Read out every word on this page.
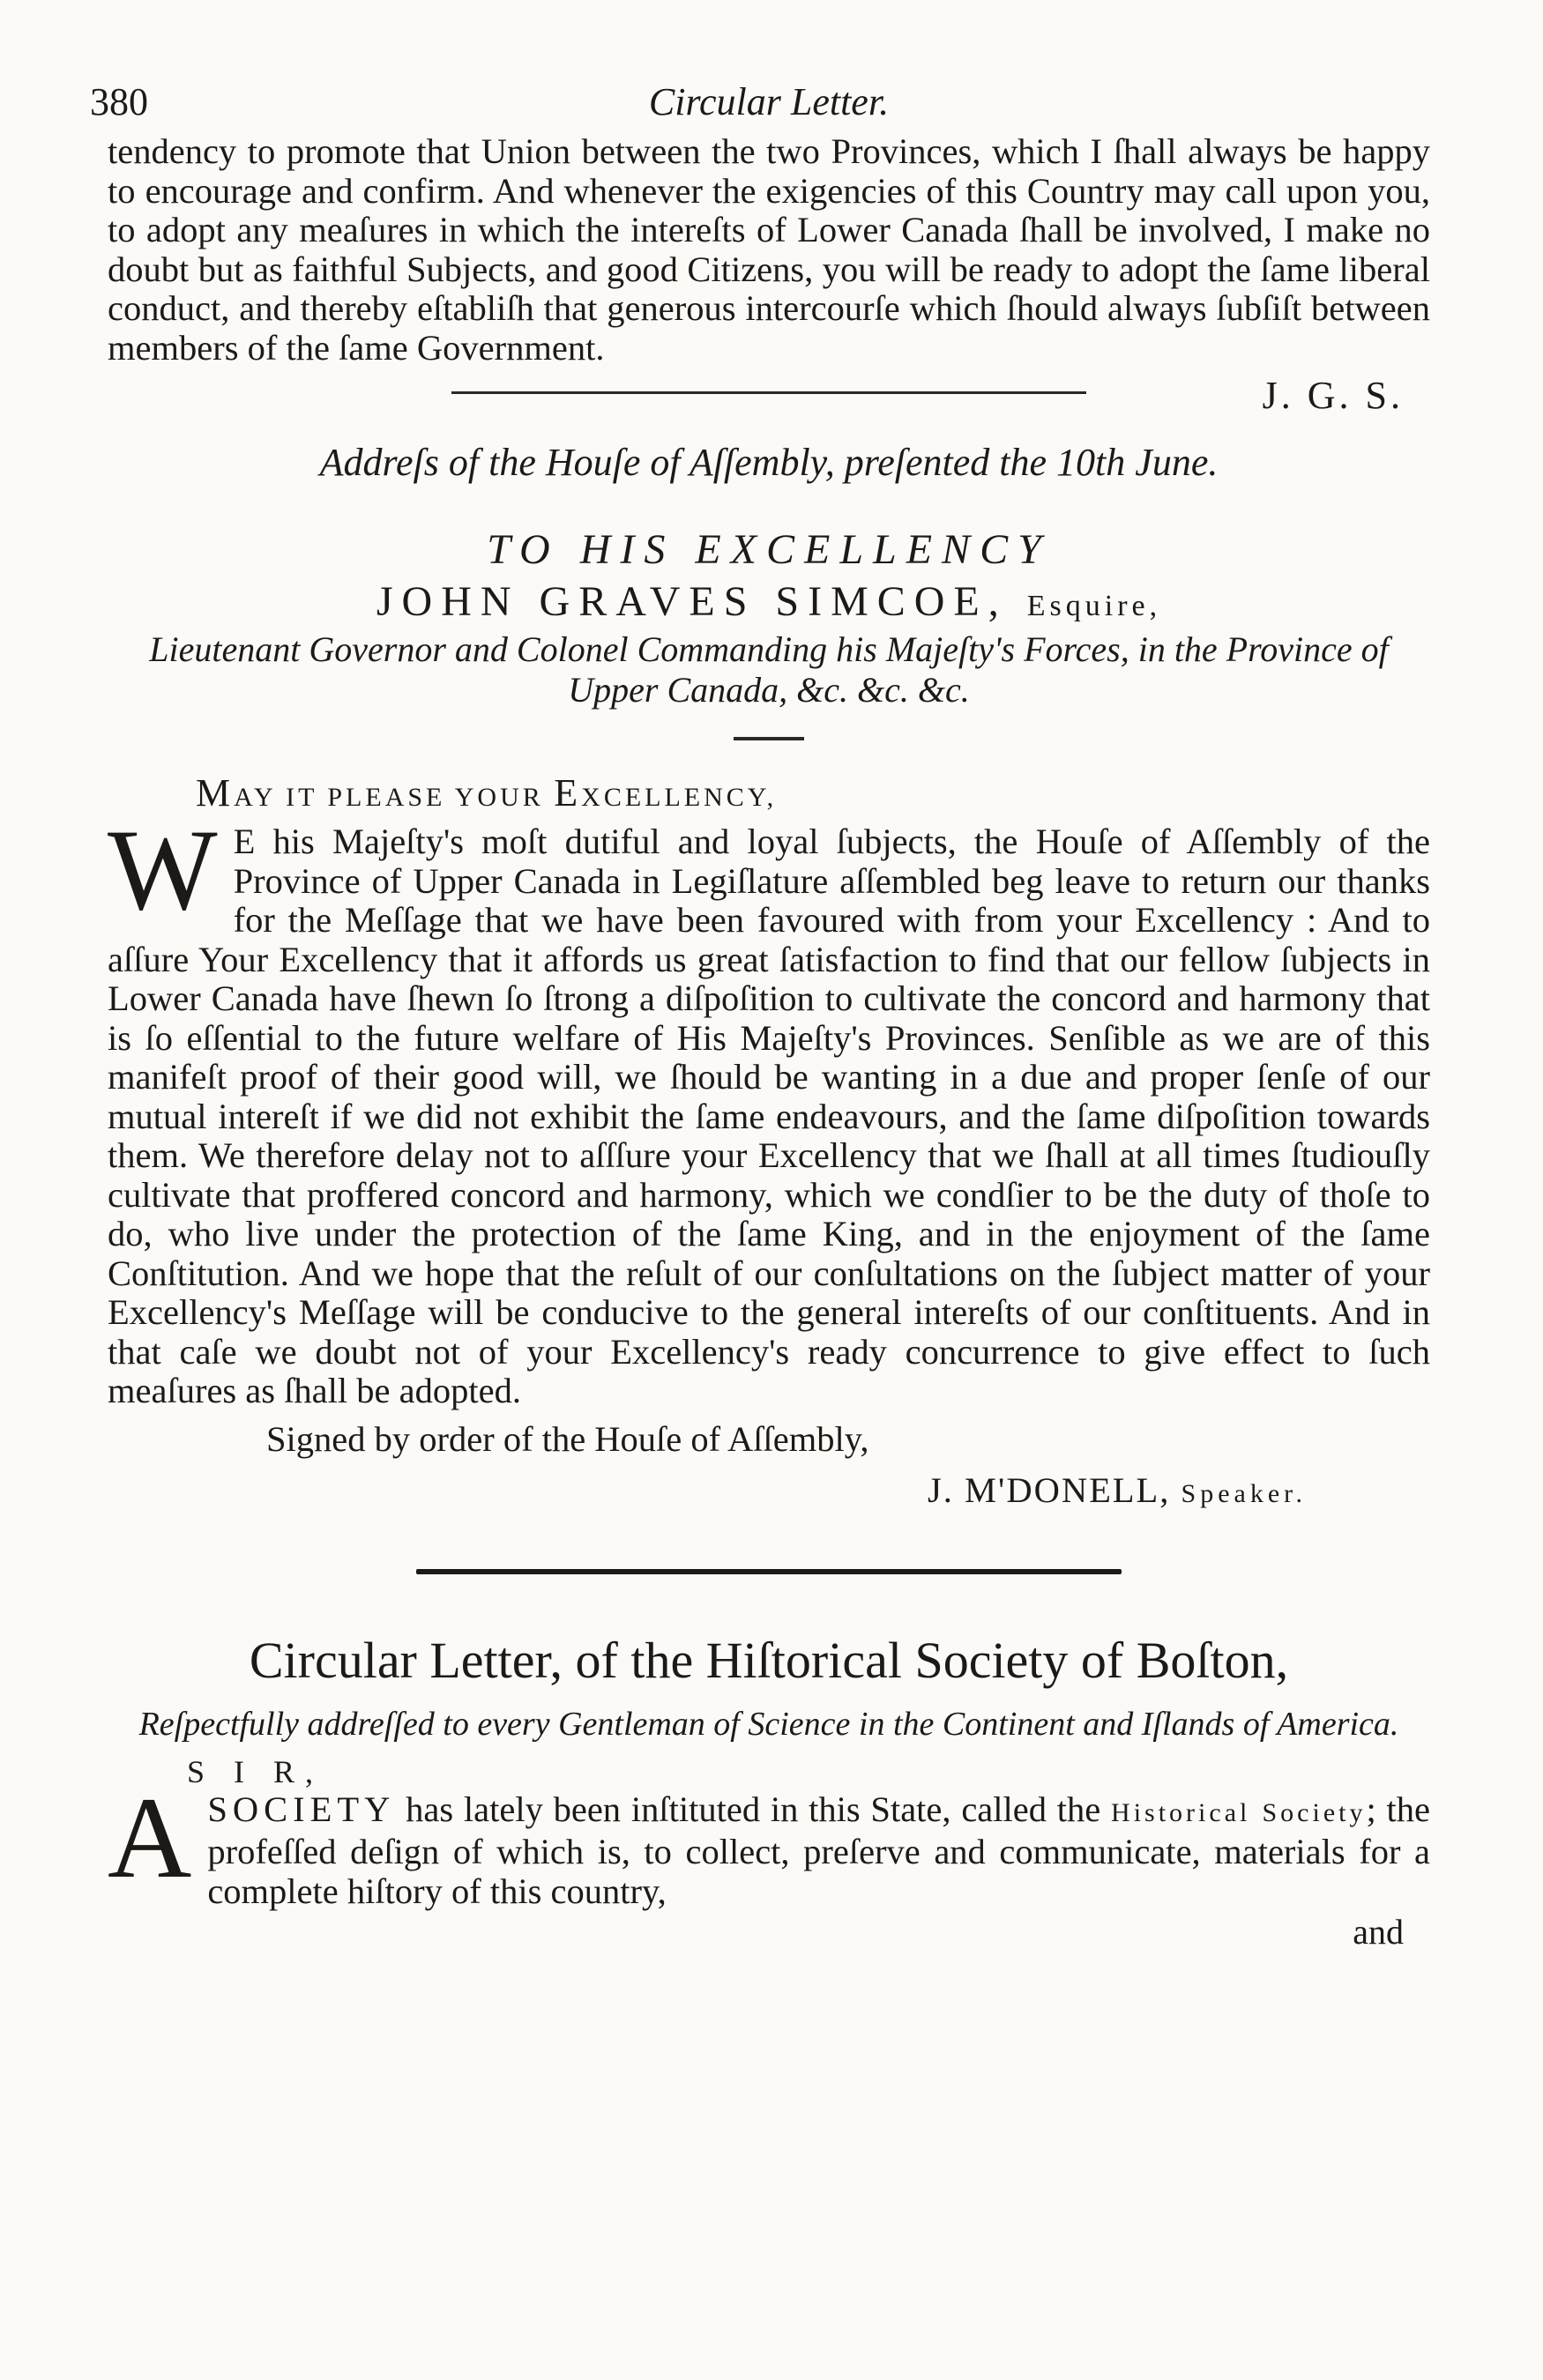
380	Circular Letter.

tendency to promote that Union between the two Provinces, which I ſhall always be happy to encourage and confirm. And whenever the exigencies of this Country may call upon you, to adopt any meaſures in which the intereſts of Lower Canada ſhall be involved, I make no doubt but as faithful Subjects, and good Citizens, you will be ready to adopt the ſame liberal conduct, and thereby eſtabliſh that generous intercourſe which ſhould always ſubſiſt between members of the ſame Government.

J. G. S.
Addreſs of the Houſe of Aſſembly, preſented the 10th June.
TO HIS EXCELLENCY
JOHN GRAVES SIMCOE, Esquire,
Lieutenant Governor and Colonel Commanding his Majeſty's Forces, in the Province of Upper Canada, &c. &c. &c.
MAY IT PLEASE YOUR EXCELLENCY,
W E his Majeſty's moſt dutiful and loyal ſubjects, the Houſe of Aſſembly of the Province of Upper Canada in Legiſlature aſſembled beg leave to return our thanks for the Meſſage that we have been favoured with from your Excellency : And to aſſure Your Excellency that it affords us great ſatisfaction to find that our fellow ſubjects in Lower Canada have ſhewn ſo ſtrong a diſpoſition to cultivate the concord and harmony that is ſo eſſential to the future welfare of His Majeſty's Provinces. Senſible as we are of this manifeſt proof of their good will, we ſhould be wanting in a due and proper ſenſe of our mutual intereſt if we did not exhibit the ſame endeavours, and the ſame diſpoſition towards them. We therefore delay not to aſſſure your Excellency that we ſhall at all times ſtudiouſly cultivate that proffered concord and harmony, which we condſier to be the duty of thoſe to do, who live under the protection of the ſame King, and in the enjoyment of the ſame Conſtitution. And we hope that the reſult of our conſultations on the ſubject matter of your Excellency's Meſſage will be conducive to the general intereſts of our conſtituents. And in that caſe we doubt not of your Excellency's ready concurrence to give effect to ſuch meaſures as ſhall be adopted.

Signed by order of the Houſe of Aſſembly,
J. M'DONELL, Speaker.
Circular Letter, of the Hiſtorical Society of Boſton,
Reſpectfully addreſſed to every Gentleman of Science in the Continent and Iſlands of America.
S I R,
A SOCIETY has lately been inſtituted in this State, called the Historical Society; the profeſſed deſign of which is, to collect, preſerve and communicate, materials for a complete hiſtory of this country,

and
